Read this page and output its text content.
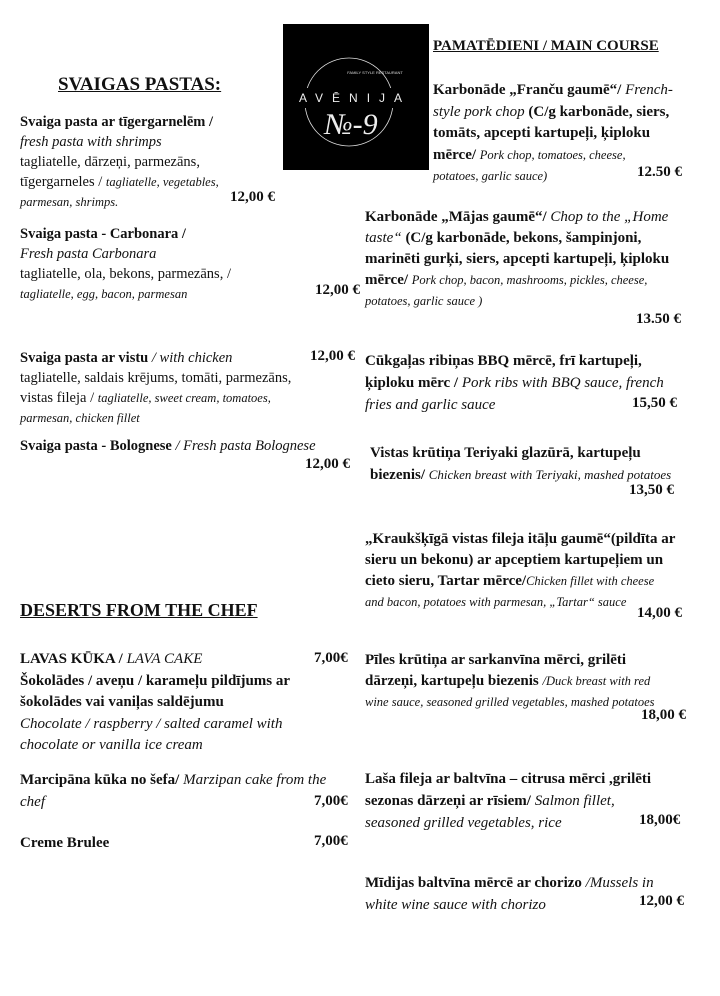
FAMILY STYLE RESTAURANT
AVĒNIJA
№-9
SVAIGAS PASTAS:
Svaiga pasta ar tīgergarnelēm /
fresh pasta with shrimps
tagliatelle, dārzeņi, parmezāns,
tīgergarneles / tagliatelle, vegetables,
parmesan, shrimps.	12,00 €
Svaiga pasta - Carbonara /
Fresh pasta Carbonara
tagliatelle, ola, bekons, parmezāns, /
tagliatelle, egg, bacon, parmesan	12,00 €
Svaiga pasta ar vistu / with chicken
tagliatelle, saldais krējums, tomāti, parmezāns,
vistas fileja / tagliatelle, sweet cream, tomatoes,
parmesan, chicken fillet
12,00 €
Svaiga pasta - Bolognese / Fresh pasta Bolognese
12,00 €
DESERTS FROM THE CHEF
LAVAS KŪKA / LAVA CAKE
Šokolādes / aveņu / karameļu pildījums ar
šokolādes vai vaniļas saldējumu
Chocolate / raspberry / salted caramel with
chocolate or vanilla ice cream
7,00€
Marcipāna kūka no šefa/ Marzipan cake from the
chef	7,00€
Creme Brulee	7,00€
PAMATĒDIENI / MAIN COURSE
Karbonāde „Franču gaumē“/ French-
style pork chop (C/g karbonāde, siers,
tomāts, apcepti kartupeļi, ķiploku
mērce/ Pork chop, tomatoes, cheese,
potatoes, garlic sauce)	12.50 €
Karbonāde „Mājas gaumē“/ Chop to the „Home
taste“ (C/g karbonāde, bekons, šampinjoni,
marinēti gurķi, siers, apcepti kartupeļi, ķiploku
mērce/ Pork chop, bacon, mashrooms, pickles, cheese,
potatoes, garlic sauce )
13.50 €
Cūkgaļas ribiņas BBQ mērcē, frī kartupeļi,
ķiploku mērc / Pork ribs with BBQ sauce, french
fries and garlic sauce	15,50 €
Vistas krūtiņa Teriyaki glazūrā, kartupeļu
biezenis/ Chicken breast with Teriyaki, mashed potatoes
13,50 €
„Kraukšķīgā vistas fileja itāļu gaumē“(pildīta ar
sieru un bekonu) ar apceptiem kartupeļiem un
cieto sieru, Tartar mērce/Chicken fillet with cheese
and bacon, potatoes with parmesan, „Tartar“ sauce
14,00 €
Pīles krūtiņa ar sarkanvīna mērci, grilēti
dārzeņi, kartupeļu biezenis /Duck breast with red
wine sauce, seasoned grilled vegetables, mashed potatoes
18,00 €
Laša fileja ar baltvīna – citrusa mērci ,grilēti
sezonas dārzeņi ar rīsiem/ Salmon fillet,
seasoned grilled vegetables, rice	18,00€
Mīdijas baltvīna mērcē ar chorizo /Mussels in
white wine sauce with chorizo	12,00 €
